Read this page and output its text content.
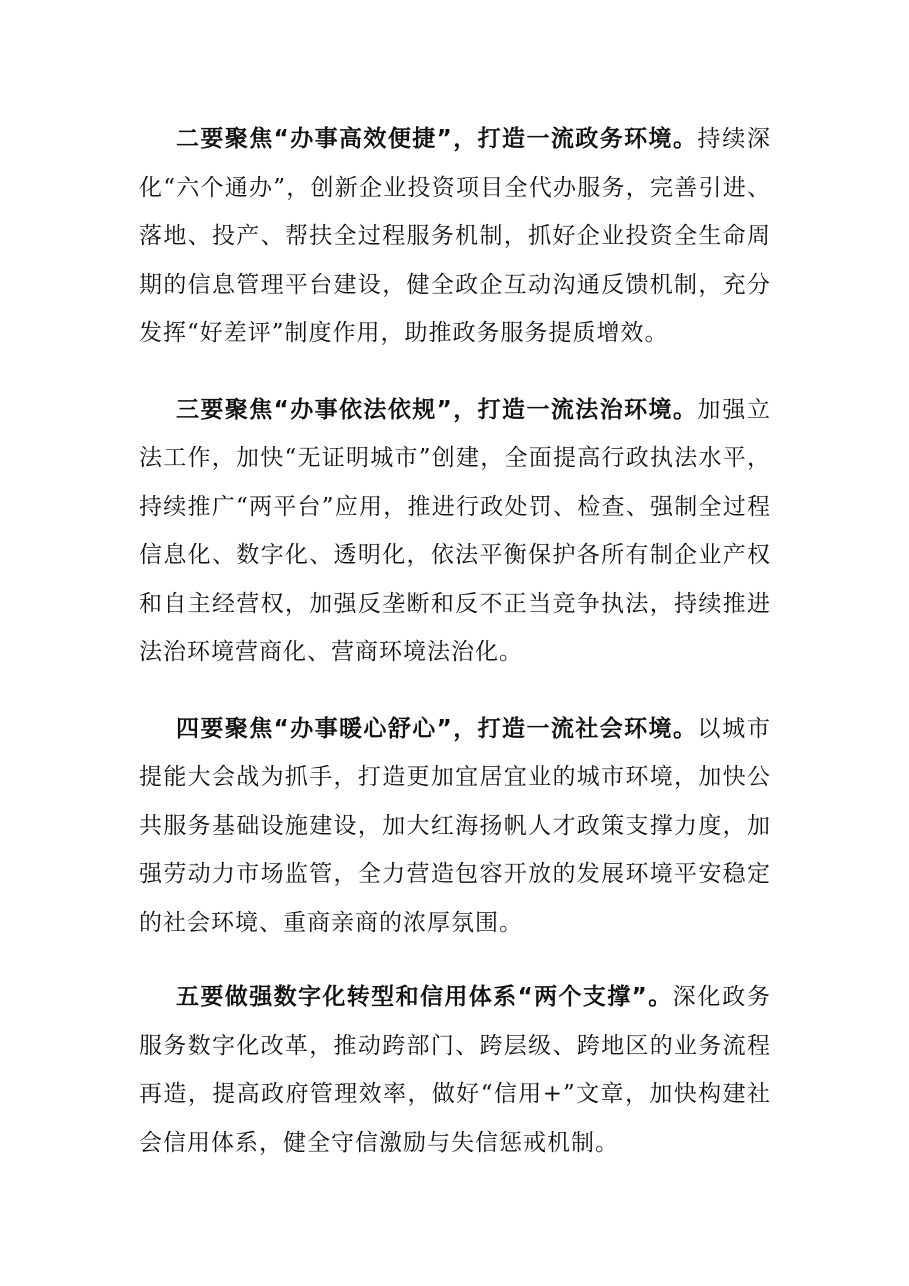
二要聚焦“办事高效便捷”，打造一流政务环境。持续深化“六个通办”，创新企业投资项目全代办服务，完善引进、落地、投产、帮扶全过程服务机制，抓好企业投资全生命周期的信息管理平台建设，健全政企互动沟通反馈机制，充分发挥“好差评”制度作用，助推政务服务提质增效。

三要聚焦“办事依法依规”，打造一流法治环境。加强立法工作，加快“无证明城市”创建，全面提高行政执法水平，持续推广“两平台”应用，推进行政处罚、检查、强制全过程信息化、数字化、透明化，依法平衡保护各所有制企业产权和自主经营权，加强反垄断和反不正当竞争执法，持续推进法治环境营商化、营商环境法治化。

四要聚焦“办事暖心舒心”，打造一流社会环境。以城市提能大会战为抓手，打造更加宜居宜业的城市环境，加快公共服务基础设施建设，加大红海扬帆人才政策支撑力度，加强劳动力市场监管，全力营造包容开放的发展环境平安稳定的社会环境、重商亲商的浓厚氛围。

五要做强数字化转型和信用体系“两个支撑”。深化政务服务数字化改革，推动跨部门、跨层级、跨地区的业务流程再造，提高政府管理效率，做好“信用+”文章，加快构建社会信用体系，健全守信激励与失信惩戒机制。
